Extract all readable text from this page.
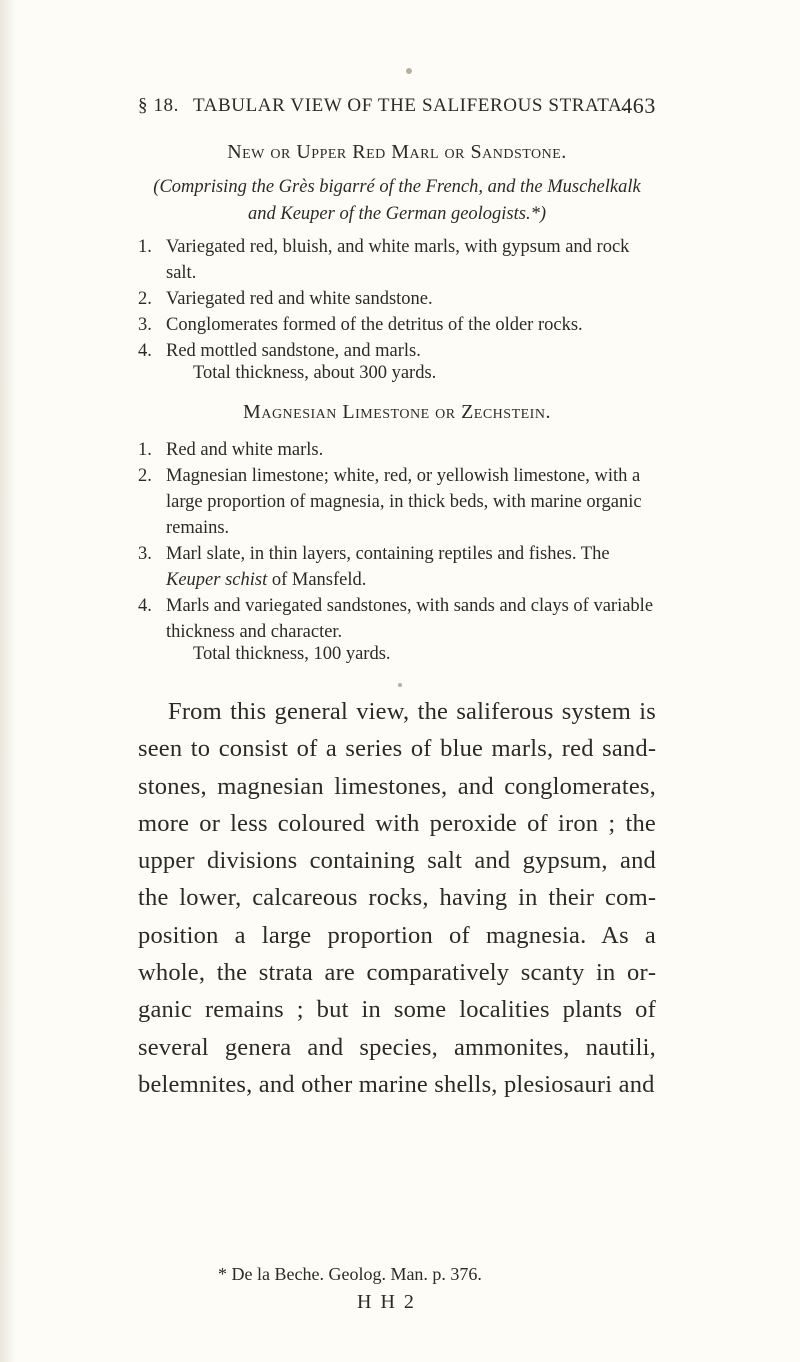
§ 18. TABULAR VIEW OF THE SALIFEROUS STRATA.
463
New or Upper Red Marl or Sandstone.
(Comprising the Grès bigarré of the French, and the Muschelkalk and Keuper of the German geologists.*)
1. Variegated red, bluish, and white marls, with gypsum and rock salt.
2. Variegated red and white sandstone.
3. Conglomerates formed of the detritus of the older rocks.
4. Red mottled sandstone, and marls.
Total thickness, about 300 yards.
Magnesian Limestone or Zechstein.
1. Red and white marls.
2. Magnesian limestone; white, red, or yellowish limestone, with a large proportion of magnesia, in thick beds, with marine organic remains.
3. Marl slate, in thin layers, containing reptiles and fishes. The Keuper schist of Mansfeld.
4. Marls and variegated sandstones, with sands and clays of variable thickness and character.
Total thickness, 100 yards.

From this general view, the saliferous system is seen to consist of a series of blue marls, red sandstones, magnesian limestones, and conglomerates, more or less coloured with peroxide of iron ; the upper divisions containing salt and gypsum, and the lower, calcareous rocks, having in their composition a large proportion of magnesia. As a whole, the strata are comparatively scanty in organic remains ; but in some localities plants of several genera and species, ammonites, nautili, belemnites, and other marine shells, plesiosauri and

* De la Beche. Geolog. Man. p. 376.
H H 2
